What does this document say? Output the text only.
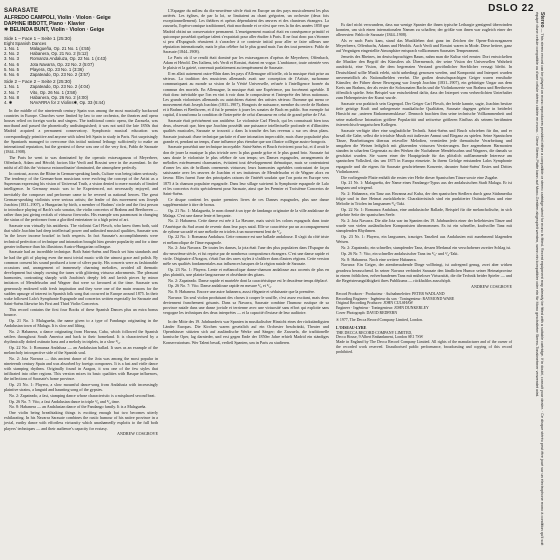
DSLO 22
SARASATE
ALFREDO CAMPOLI, Violin · Violon · Geige
DAPHNE IBBOTT, Piano · Klavier
✱ BELINDA BUNT, Violin · Violon · Geige
Side 1 – Face 1 – Seite 1 (25:30)
Eight Spanish Dances
1. No. 1	Malagueña, Op. 21 No. 1 (4:55)
2. No. 2	Habanera, Op. 21 No. 2 (5:12)
3. No. 3	Romanza Andaluza, Op. 22 No. 1 (4:43)
4. No. 6	Jota Navarra, Op. 22 No. 2 (5:07)
5. No. 5	Playera, Op. 23 No. 1 (3:36)
6. No. 6	Zapateado, Op. 23 No. 2 (3:57)
Side 2 – Face 2 – Seite 2 (25:30)
1. No. 1	Zapateado, Op. 23 No. 2 (4:04)
2. No. 7	Vito, Op. 26 No. 1 (3:58)
3. No. 8	Habanera, Op. 26 No. 2 (4:00)
4. ✱	NAVARRA for 2 Violins✱, Op. 33 (6:44)

In the middle of the nineteenth century Spain was among the most musically backward countries in Europe. Churches were limited by law to one orchestra, the theatres and opera houses relied on foreign works and singers. The traditional comic opera, the Zarzuela, was moribund and passed the phonetically undistinguished; it was not until the late 1850s that Madrid acquired a permanent conservatory. Symphonic musical education was correspondingly primitive and anyone with talent left Spain to study in Paris. Not surprisingly the Spaniards managed to overcome this initial national lethargy sufficiently to make an international reputation, but the greatest of these was one of the very first, Pablo de Sarasate (1844–1908).

The Paris he went to was dominated by the operatic extravaganzas of Meyerbeer, Offenbach, Adam and Hérold; factors like Verdi and Rossini were in the ascendant. In the midst of all this the 'virtuoso extraordinaire' dominated, the atmosphere perfectly.

In contrast, across the Rhine in German-speaking lands, Culture was being taken seriously. The tendency of the German-born musicians were evolving the concept of the Artist as a Superman expressing his vision of Universal Truth, a vision denied to mere mortals of limited intelligence. In Germany music was to be Experienced, not necessarily enjoyed, and inevitably the composer and performer came to be revered as national heroes. The great German-speaking violinists were serious artists; the leader of this movement was Joseph Joachim (1831–1907), a Hungarian by birth, a member of Brahms' circle and the first person to introduce playing of Bach's solo sonatas, the violin concertos of Brahms and Beethoven — rather than just giving recitals of virtuoso fireworks. His example was paramount in changing the status of the performer from a glorified entertainer to a high priest of art.

Sarasate was virtually his antithesis. The violinist Carl Flesch, who knew them both, said that while Joachim had deep intellectual power and unlimited musical qualities, Sarasate was 'in the lower income bracket' in both respects. In fact Sarasate's accomplishments were technical perfection of technique and intonation brought him greater popularity and for a time greater influence than his illustrious Austro-Hungarian colleague.

Sarasate had an incredible technique. Both Saint-Saëns and Bruch set him standards and he had the gift of playing even the most trivial music with the utmost grace and polish. By common consent his sound produced a tone of silver purity. His concerts were as fashionable occasions and, arrangement of immensely charming melodies, avoided all thematic development but simply owning the tunes with glittering virtuoso adornments. The pleasant harmonies, contrasting sharply with Joachim's deeply felt and lavish pieces by minor imitators of Mendelssohn and Wagner that were so favoured at the time. Sarasate was generously endowed with fresh inspiration and they were one of the main reasons for the sudden upsurge of interest in Spanish folk song that occurred in Europe around 1875. In their wake followed Lalo's Symphonie Espagnole and concertos written especially for Sarasate and Saint-Saëns likewise his First and Third Violin Concertos.

This record contains the first four Books of these Spanish Dances plus an extra bonus bounce.

Op. 21 No. 1: Malagueña, the name given to a type of Fandango originating in the Andalusian town of Malaga. It is slow and lilting.

No. 2: Habanera, a dance originating from Havana, Cuba, which followed the Spanish settlers throughout South America and back to their homeland. It is characterised by a rhythmically dotted ostinato bass and a melody in triplets, in a slow ²/₄.

Op. 22 No. 1: Romanza Andaluza — an Andalusian ballad. It uses as an example of the melancholy introspective side of the Spanish soul.

No. 2: Jota Navarra — this ancient dance of the Jota was among the most popular in nineteenth century Spain and was absorbed by foreign composers. It is a fast and virile dance with stamping rhythms. Originally found in Aragon, it was one of the few styles that infiltrated into other regions. This version mixes its basic qualities with Basque influences, the inflections of Sarasate's home province.

Op. 23 No. 1: Playera, a slow mournful dance-song from Andalusia with increasingly plaintive strains, a languid and haunting song of the gypsies.

No. 2: Zapateado, a fast, stamping dance whose characteristic is a misplaced second beat.

Op. 26 No. 7: Vito, a fast Andalusian dance in triple ³/₈ and ³/₄ time.

No. 8: Habanera — an Andalusian dance of the Fandango family. It is a Malagueña.

One violin being breathtaking things is exciting enough but two becomes utterly exhilarating. In his Navarra Sarasate combines the rustic humour of his native province in a jovial, earthy dance with effortless virtuosity which unashamedly exploits to the full both players' techniques — and their audience's capacity for ecstasy.

ANDREW COSGROVE

L'Espagne du milieu du dix-neuvième siècle était en Europe un des pays musicalement les plus arriérés. Les églises, de par la loi, se limitaient au chant grégorien, un orchestre (deux fois exceptionnellement). Les théâtres et opéras dépendaient des œuvres et des chanteurs étrangers. La zarzuela, l'opéra-comique traditionnel, était moribonde et ce n'est que vers la fin des années 1850 que Madrid obtint un conservatoire permanent. L'enseignement musical était en conséquence primitif et quiconque possédait quelque talent s'expatriait pour aller étudier à Paris. Il ne faut donc pas s'étonner si peu d'Espagnols réussirent à s'arracher à ce contexte initial pour aller se faire ailleurs une réputation internationale, mais le plus célèbre fut le plus grand mais l'un des tout premiers: Pablo de Sarasate (1844–1908).

Le Paris où il se rendit était dominé par les extravagances d'opéras de Meyerbeer, Offenbach, Adam et Hérold. Des Italiens, tels Verdi et Rossini, étaient en vogue. L'ambiance, toute orientée vers le plaisir et la gaieté, convenait parfaitement au tempérament de Sarasate.

Il en allait autrement outre-Rhin dans les pays d'Allemagne officielle, où la musique était prise au sérieux. La tradition des musiciens allemands avait une conception de l'Artiste, surhomme communiquant au monde sa vision de la Vérité Universelle, refusée à l'intelligence bornée du commun des mortels. En Allemagne, la musique était une Expérience, pas forcément agréable. Il était donc inévitable que l'on en vint à voir dans le compositeur et l'interprète des héros nationaux. Les grands violonistes allemands ou autrichiens étaient des artistes sérieux: l'homme qui mena ce mouvement était Joseph Joachim (1831–1907), Hongrois de naissance, membre du cercle de Brahms et à Brahms et Beethoven, et il fut le premier à jouer les sonates de Bach en public. Son exemple fut capital, il transforma la condition de l'interprète de celui d'amuseur en celui de grand prêtre de l'Art.

Sarasate était précisément son antithèse. Le violoniste Carl Flesch, qui les connaissait bien tous deux, observait que, bien que Joachim possédât une puissance intellectuelle profonde et d'illimitées qualités musicales, Sarasate se trouvait « dans la tranche des bas revenus » sur ces deux plans. Sarasate jouissait d'une technique parfaite et d'une intonation impeccable, mais d'une popularité plus grande et, pendant un temps, d'une influence plus étendue que son illustre collègue austro-hongrois.

Sarasate possédait une technique incroyable: Saint-Saëns et Bruch écrivirent pour lui, et il avait le don de jouer la musique la plus triviale avec la plus grande grâce et le plus grand brio. Sarasate fut sans doute le violoniste le plus célèbre de son temps; ses Danses espagnoles, arrangements de mélodies extrêmement charmantes, évitaient tout développement thématique, mais se contentaient d'orner les airs de brillants ornements virtuoses; leurs harmonies agréables contrastant de façon saisissante avec les œuvres de Joachim et ses imitateurs de Mendelssohn et de Wagner alors en faveur. Elles furent l'une des principales raisons de l'intérêt soudain que l'on porta en Europe vers 1875 à la chanson populaire espagnole. Dans leur sillage suivirent la Symphonie espagnole de Lalo et les concertos écrits spécialement pour Sarasate, ainsi que les Premier et Troisième Concertos de Saint-Saëns.

Ce disque contient les quatre premiers livres de ces Danses espagnoles, plus une danse supplémentaire à titre de bonus.

Op. 21 No. 1: Malagueña, le nom donné à un type de fandango originaire de la ville andalouse de Malaga. C'est une danse lente et berçante.

No. 2: Habanera. Cette danse est née à La Havane, mais suivit les colons espagnols dans toute l'Amérique du Sud avant de revenir dans leur pays natal. Elle se caractérise par un accompagnement de rythme saccadé et une mélodie en triolets à un mouvement lent de ²/₄.

Op. 22 No. 1: Romanza Andaluza. Cette romance est une ballade andalouse. Il s'agit du côté triste et mélancolique de l'âme espagnole.

No. 2: Jota Navarra. De toutes les danses, la jota était l'une des plus populaires dans l'Espagne du dix-neuvième siècle, et fut reprise par de nombreux compositeurs étrangers. C'est une danse rapide et virile. Originaire d'Aragon, c'était l'un des rares styles à s'infiltrer dans d'autres régions. Cette version mêle ses qualités fondamentales aux influences basques de la région natale de Sarasate.

Op. 23 No. 1: Playera. Lente et mélancolique danse-chanson andalouse aux accents de plus en plus plaintifs, une plainte langoureuse et obsédante des gitans.

No. 2: Zapateado. Danse rapide et martelée dont la caractéristique est le deuxième temps déplacé.

Op. 26 No. 7: Vito. Danse andalouse rapide en mesure ³/₈ et ³/₄.

No. 8: Habanera. Encore une autre habanera, aussi élégante et séduisante que la première.

Navarra: Un seul violon produisant des choses à couper le souffle, c'est assez excitant, mais deux deviennent franchement grisants. Dans sa Navarra, Sarasate combine l'humour rustique de sa province natale dans une danse joviale et terrienne avec une virtuosité sans effort qui exploite sans vergogne les techniques des deux interprètes — et la capacité d'extase de leur auditoire.

In der Mitte des 19. Jahrhunderts war Spanien in musikalischer Hinsicht eines der rückständigsten Länder Europas. Die Kirchen waren gesetzlich auf ein Orchester beschränkt, Theater und Opernhäuser stützten sich auf ausländische Werke und Sänger; die Zarzuela, die traditionelle komische Oper, lag darnieder, und erst gegen Ende der 1850er Jahre erhielt Madrid ein ständiges Konservatorium. Wer Talent besaß, verließ Spanien, um in Paris zu studieren.

Es darf nicht verwundern, dass nur wenige Spanier die ihnen typische Lethargie genügend überwinden konnten, um sich einen internationalen Namen zu schaffen; der größte von ihnen war zugleich einer der allerersten: Pablo de Sarasate (1844–1908).

Als er nach Paris kam, stand das Musikleben dort ganz im Zeichen der Opern-Extravaganzen Meyerbeers, Offenbachs, Adams und Hérolds. Auch Verdi und Rossini waren in Mode. Diese heitere, ganz auf Vergnügen eingestellte Atmosphäre entsprach vollkommen Sarasates Temperament.

Jenseits des Rheines, im deutschsprachigen Raum, nahm man die Kultur viel ernster. Dort entwickelten die Musiker den Begriff des Künstlers als Übermensch, der seine Vision der Universellen Wahrheit ausdrückt, eine Vision, die dem begrenzten Verstand gewöhnlicher Sterblicher versagt bleibt. In Deutschland sollte Musik erlebt, nicht unbedingt genossen werden, und Komponist und Interpret wurden unvermeidlich als Nationalhelden verehrt. Die großen deutschsprachigen Geiger waren ernsthafte Künstler; der Führer dieser Bewegung war Joseph Joachim (1831–1907), ein gebürtiger Ungar aus dem Kreis um Brahms, der als erster die Solosonaten Bachs und die Violinkonzerte von Brahms und Beethoven öffentlich spielte. Sein Beispiel war entscheidend dafür, dass der Interpret vom verherrlichten Unterhalter zum Hohenpriester der Kunst wurde.

Sarasate war praktisch sein Gegenpol. Der Geiger Carl Flesch, der beide kannte, sagte, Joachim besitze tiefe geistige Kraft und unbegrenzte musikalische Qualitäten, Sarasate dagegen gehöre in beiderlei Hinsicht zur ‚unteren Einkommensklasse'. Dennoch brachten ihm seine technische Vollkommenheit und seine makellose Intonation größere Popularität und zeitweise größeren Einfluss als seinem berühmten österreichisch-ungarischen Kollegen.

Sarasate verfügte über eine unglaubliche Technik. Saint-Saëns und Bruch schrieben für ihn, und er besaß die Gabe, selbst die trivialste Musik mit äußerster Anmut und Eleganz zu spielen. Seine Spanischen Tänze, Bearbeitungen überaus reizvoller Melodien, vermieden jede thematische Verarbeitung und umgaben die Weisen lediglich mit glitzernden virtuosen Verzierungen. Ihre angenehmen Harmonien standen in scharfem Gegensatz zu den Werken der Nachahmer Mendelssohns und Wagners, die damals so geschätzt wurden. Sie waren einer der Hauptgründe für das plötzlich aufflammende Interesse am spanischen Volkslied, das um 1875 in Europa einsetzte. In ihrem Gefolge entstanden Lalos Symphonie espagnole und die eigens für Sarasate geschriebenen Konzerte, darunter Saint-Saëns' Erstes und Drittes Violinkonzert.

Die vorliegende Platte enthält die ersten vier Hefte dieser Spanischen Tänze sowie eine Zugabe.

Op. 21 Nr. 1: Malagueña, der Name eines Fandango-Typus aus der andalusischen Stadt Malaga. Er ist langsam und wiegend.

Nr. 2: Habanera, ein Tanz aus Havanna auf Kuba, der den spanischen Siedlern durch ganz Südamerika folgte und in ihre Heimat zurückkehrte. Charakteristisch sind ein punktierter Ostinato-Bass und eine Melodie in Triolen im langsamen ²/₄-Takt.

Op. 22 Nr. 1: Romanza Andaluza, eine andalusische Ballade, Beispiel für die melancholische, in sich gekehrte Seite der spanischen Seele.

Nr. 2: Jota Navarra. Die alte Jota war im Spanien des 19. Jahrhunderts einer der beliebtesten Tänze und wurde von vielen ausländischen Komponisten übernommen. Es ist ein schneller, kraftvoller Tanz mit stampfenden Rhythmen.

Op. 23 Nr. 1: Playera, ein langsames, trauriges Tanzlied aus Andalusien mit zunehmend klagenden Weisen.

Nr. 2: Zapateado, ein schneller, stampfender Tanz, dessen Merkmal ein verschobener zweiter Schlag ist.

Op. 26 Nr. 7: Vito, ein schneller andalusischer Tanz im ³/₈- und ³/₄-Takt.

Nr. 8: Habanera. Noch eine weitere Habanera.

Navarra: Ein Geiger, der atemberaubende Dinge vollbringt, ist aufregend genug, zwei aber wirken geradezu berauschend. In seiner Navarra verbindet Sarasate den ländlichen Humor seiner Heimatprovinz in einem fröhlichen, erdverbundenen Tanz mit müheloser Virtuosität, die die Technik beider Spieler — und die Begeisterungsfähigkeit ihres Publikums — rückhaltlos ausschöpft.

ANDREW COSGROVE

Record Producer · Producteur · Aufnahmeleiter: PETER WADLAND
Recording Engineer · Ingénieur du son · Toningenieur: RAYMOND WARE
Original Recording Producer: JOHN CULSHAW
Engineer · Ingénieur · Toningenieur: JOHN DUNKERLEY
Cover Photograph: DAVID REDFERN
℗ 1977, The Decca Record Company Limited, London.
L'OISEAU-LYRE
THE DECCA RECORD COMPANY LIMITED,
Decca House, 9 Albert Embankment, London SE1 7SW
Made in England by The Decca Record Company Limited. All rights of the manufacturer and of the owner of the recorded work reserved. Unauthorised public performance, broadcasting and copying of this record prohibited.
Stereo — This stereo record can be played on mono reproducers provided either a compatible or stereo cartridge wired for mono is fitted. Recent equipment may already be fitted with a suitable cartridge. If in doubt, consult your dealer. · Ce disque stéréo peut être joué sur un électrophone mono à condition qu'il soit équipé d'une cellule compatible ou d'une cellule stéréo câblée en mono. · Diese Stereo-Platte kann auf Mono-Geräten abgespielt werden, wenn ein kompatibler oder ein für Mono geschalteter Stereo-Tonabnehmer verwendet wird.
